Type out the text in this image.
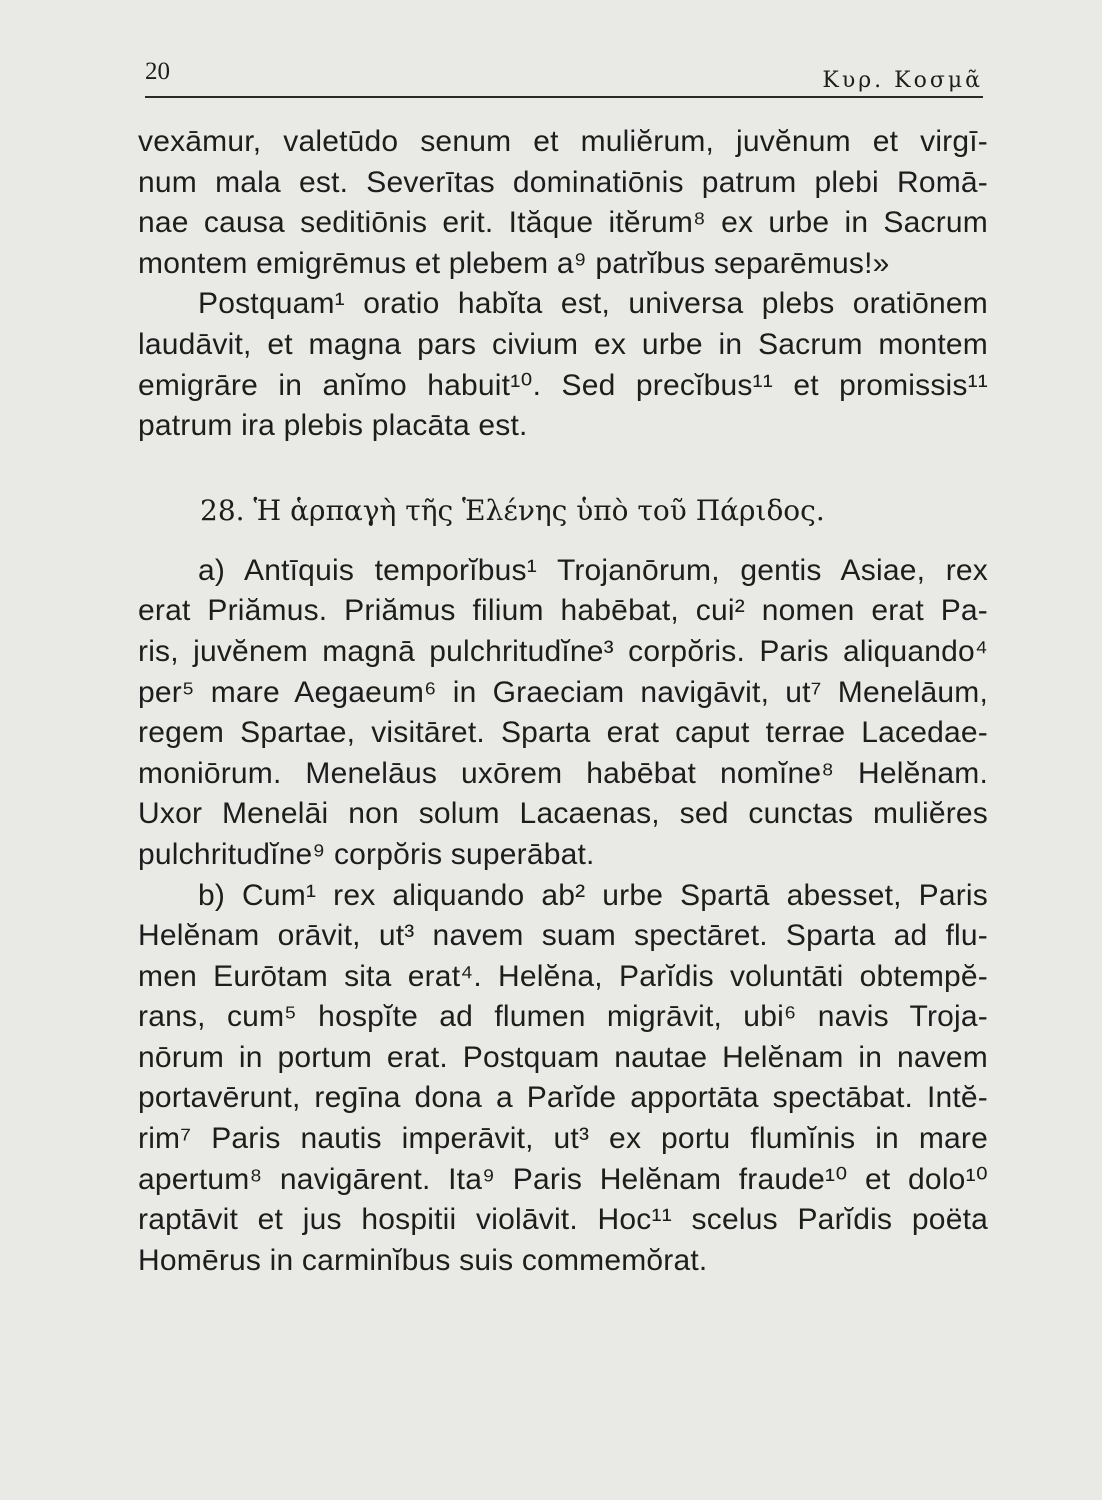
20	Κυρ. Κοσμᾶ
vexāmur, valetūdo senum et muliĕrum, juvĕnum et virgī-
num mala est. Severītas dominatiōnis patrum plebi Romā-
nae causa seditiōnis erit. Ităque itĕrum⁸ ex urbe in Sacrum
montem emigrēmus et plebem a⁹ patrĭbus separēmus!»
Postquam¹ oratio habĭta est, universa plebs oratiōnem
laudāvit, et magna pars civium ex urbe in Sacrum montem
emigrāre in anĭmo habuit¹⁰. Sed precĭbus¹¹ et promissis¹¹
patrum ira plebis placāta est.
28. Ἡ ἁρπαγὴ τῆς Ἑλένης ὑπὸ τοῦ Πάριδος.
a) Antīquis temporĭbus¹ Trojanōrum, gentis Asiae, rex
erat Priămus. Priămus filium habēbat, cui² nomen erat Pa-
ris, juvĕnem magnā pulchritudĭne³ corpŏris. Paris aliquando⁴
per⁵ mare Aegaeum⁶ in Graeciam navigāvit, ut⁷ Menelāum,
regem Spartae, visitāret. Sparta erat caput terrae Lacedae-
moniōrum. Menelāus uxōrem habēbat nomĭne⁸ Helĕnam.
Uxor Menelāi non solum Lacaenas, sed cunctas muliĕres
pulchritudĭne⁹ corpŏris superābat.
b) Cum¹ rex aliquando ab² urbe Spartā abesset, Paris
Helĕnam orāvit, ut³ navem suam spectāret. Sparta ad flu-
men Eurōtam sita erat⁴. Helĕna, Parĭdis voluntāti obtempĕ-
rans, cum⁵ hospĭte ad flumen migrāvit, ubi⁶ navis Troja-
nōrum in portum erat. Postquam nautae Helĕnam in navem
portavērunt, regīna dona a Parĭde apportāta spectābat. Intĕ-
rim⁷ Paris nautis imperāvit, ut³ ex portu flumĭnis in mare
apertum⁸ navigārent. Ita⁹ Paris Helĕnam fraude¹⁰ et dolo¹⁰
raptāvit et jus hospitii violāvit. Hoc¹¹ scelus Parĭdis poëta
Homērus in carminĭbus suis commemŏrat.
